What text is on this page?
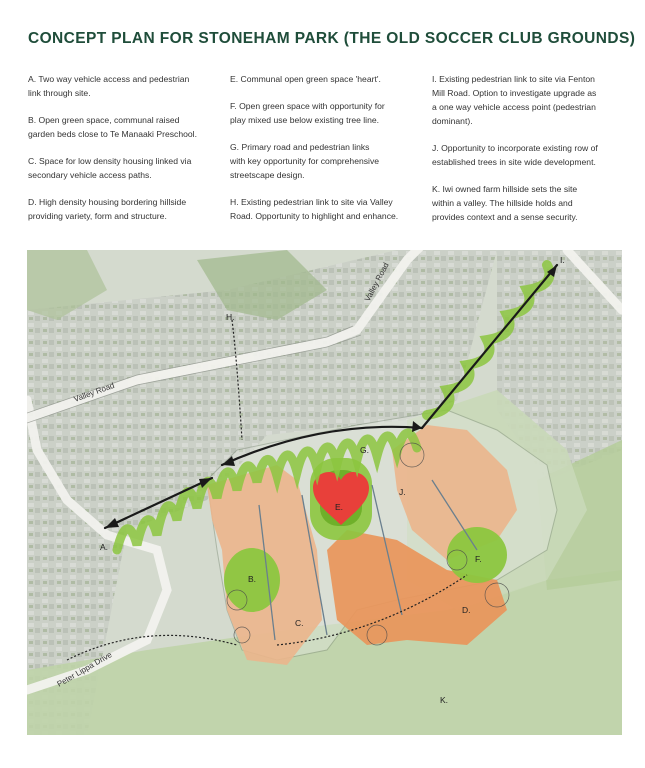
CONCEPT PLAN FOR STONEHAM PARK (THE OLD SOCCER CLUB GROUNDS)

A. Two way vehicle access and pedestrian
link through site.

B. Open green space, communal raised
garden beds close to Te Manaaki Preschool.

C. Space for low density housing linked via
secondary vehicle access paths.

D. High density housing bordering hillside
providing variety, form and structure.

E. Communal open green space 'heart'.

F. Open green space with opportunity for
play mixed use below existing tree line.

G. Primary road and pedestrian links
with key opportunity for comprehensive
streetscape design.

H. Existing pedestrian link to site via Valley
Road. Opportunity to highlight and enhance.

I. Existing pedestrian link to site via Fenton
Mill Road. Option to investigate upgrade as
a one way vehicle access point (pedestrian
dominant).

J. Opportunity to incorporate existing row of
established trees in site wide development.

K. Iwi owned farm hillside sets the site
within a valley. The hillside holds and
provides context and a sense security.

A.
B.
C.
D.
E.
F.
G.
H.
I.
J.
K.
Valley Road
Valley Road
Peter Lippa Drive
